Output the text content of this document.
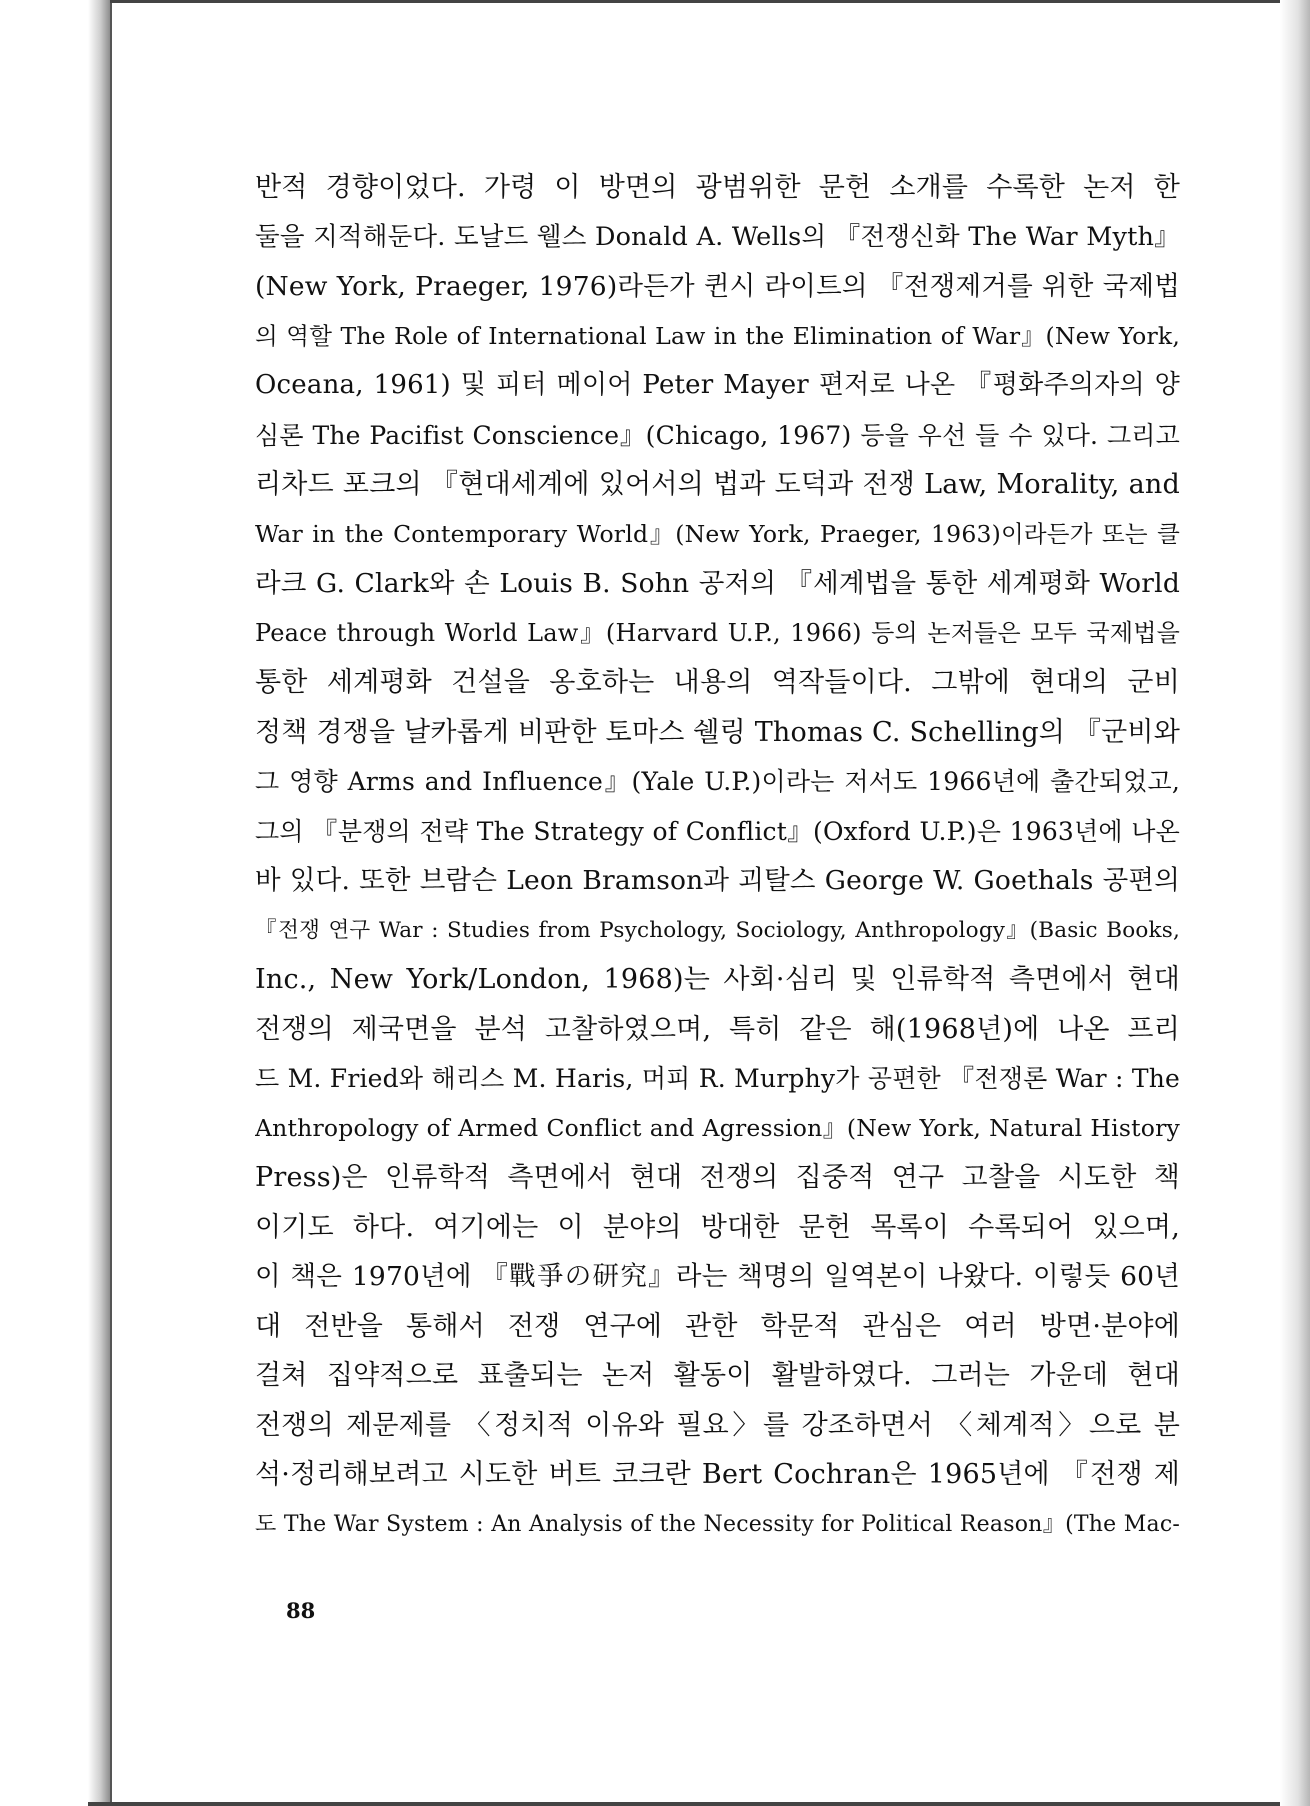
반적 경향이었다. 가령 이 방면의 광범위한 문헌 소개를 수록한 논저 한
둘을 지적해둔다. 도날드 웰스 Donald A. Wells의 『전쟁신화 The War Myth』
(New York, Praeger, 1976)라든가 퀸시 라이트의 『전쟁제거를 위한 국제법
의 역할 The Role of International Law in the Elimination of War』(New York,
Oceana, 1961) 및 피터 메이어 Peter Mayer 편저로 나온 『평화주의자의 양
심론 The Pacifist Conscience』(Chicago, 1967) 등을 우선 들 수 있다. 그리고
리차드 포크의 『현대세계에 있어서의 법과 도덕과 전쟁 Law, Morality, and
War in the Contemporary World』(New York, Praeger, 1963)이라든가 또는 클
라크 G. Clark와 손 Louis B. Sohn 공저의 『세계법을 통한 세계평화 World
Peace through World Law』(Harvard U.P., 1966) 등의 논저들은 모두 국제법을
통한 세계평화 건설을 옹호하는 내용의 역작들이다. 그밖에 현대의 군비
정책 경쟁을 날카롭게 비판한 토마스 쉘링 Thomas C. Schelling의 『군비와
그 영향 Arms and Influence』(Yale U.P.)이라는 저서도 1966년에 출간되었고,
그의 『분쟁의 전략 The Strategy of Conflict』(Oxford U.P.)은 1963년에 나온
바 있다. 또한 브람슨 Leon Bramson과 괴탈스 George W. Goethals 공편의
『전쟁 연구 War : Studies from Psychology, Sociology, Anthropology』(Basic Books,
Inc., New York/London, 1968)는 사회·심리 및 인류학적 측면에서 현대
전쟁의 제국면을 분석 고찰하였으며, 특히 같은 해(1968년)에 나온 프리
드 M. Fried와 해리스 M. Haris, 머피 R. Murphy가 공편한 『전쟁론 War : The
Anthropology of Armed Conflict and Agression』(New York, Natural History
Press)은 인류학적 측면에서 현대 전쟁의 집중적 연구 고찰을 시도한 책
이기도 하다. 여기에는 이 분야의 방대한 문헌 목록이 수록되어 있으며,
이 책은 1970년에 『戰爭の研究』라는 책명의 일역본이 나왔다. 이렇듯 60년
대 전반을 통해서 전쟁 연구에 관한 학문적 관심은 여러 방면·분야에
걸쳐 집약적으로 표출되는 논저 활동이 활발하였다. 그러는 가운데 현대
전쟁의 제문제를 〈정치적 이유와 필요〉를 강조하면서 〈체계적〉으로 분
석·정리해보려고 시도한 버트 코크란 Bert Cochran은 1965년에 『전쟁 제
도 The War System : An Analysis of the Necessity for Political Reason』(The Mac-
88
